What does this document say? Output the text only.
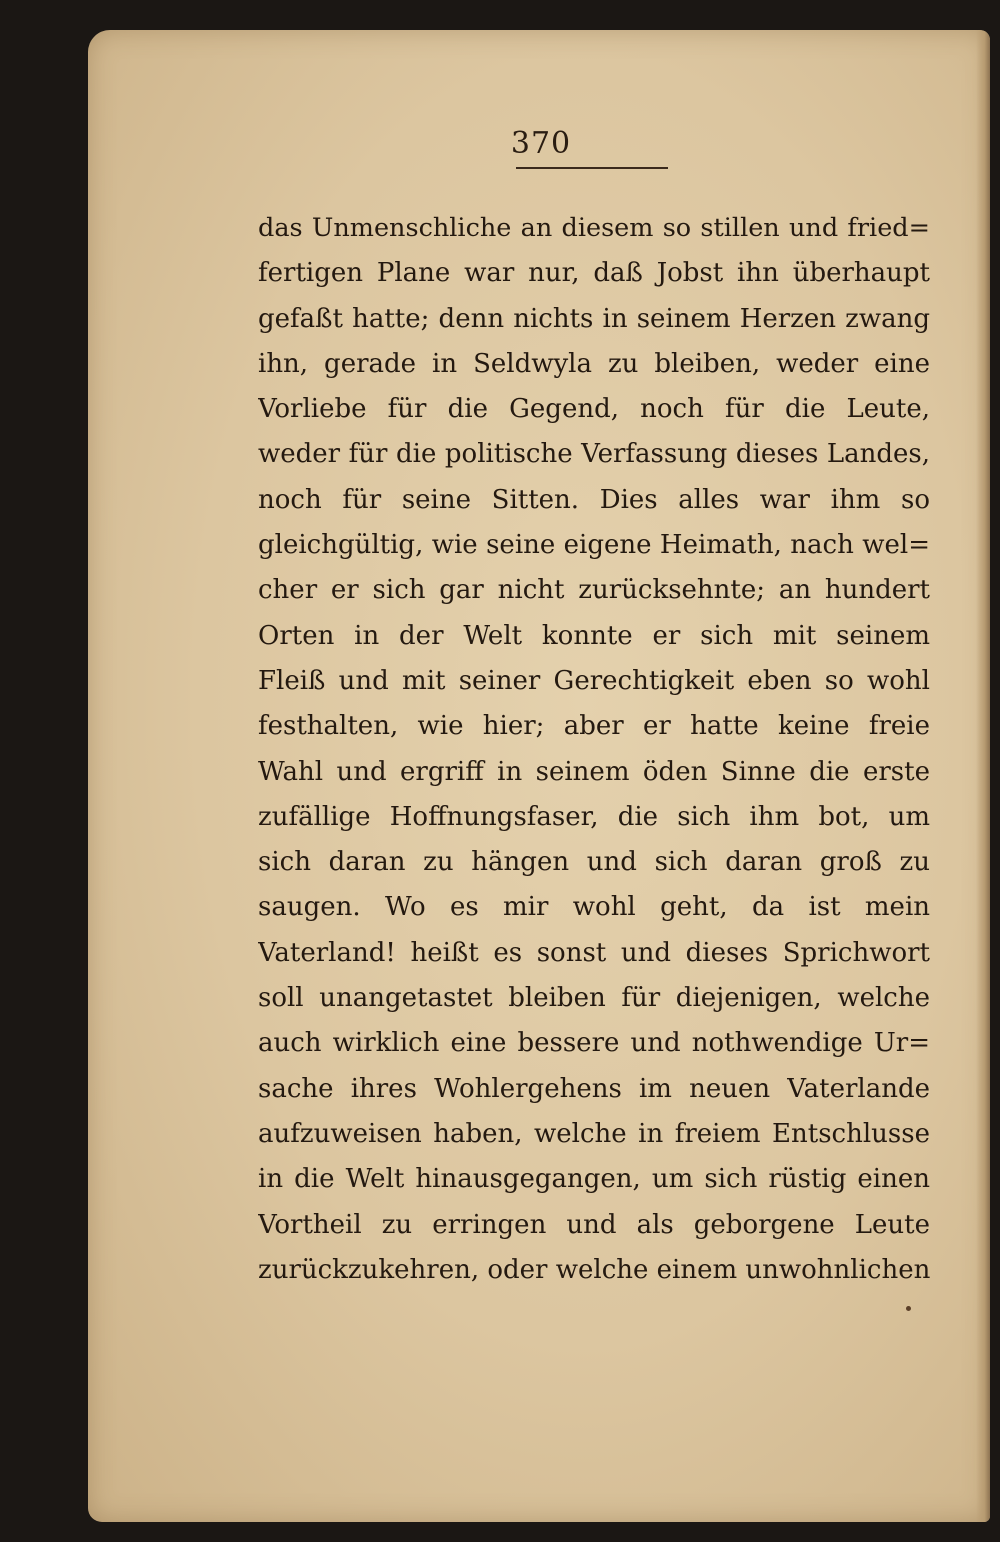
370
das Unmenschliche an diesem so stillen und fried=
fertigen Plane war nur, daß Jobst ihn überhaupt
gefaßt hatte; denn nichts in seinem Herzen zwang
ihn, gerade in Seldwyla zu bleiben, weder eine
Vorliebe für die Gegend, noch für die Leute,
weder für die politische Verfassung dieses Landes,
noch für seine Sitten. Dies alles war ihm so
gleichgültig, wie seine eigene Heimath, nach wel=
cher er sich gar nicht zurücksehnte; an hundert
Orten in der Welt konnte er sich mit seinem
Fleiß und mit seiner Gerechtigkeit eben so wohl
festhalten, wie hier; aber er hatte keine freie
Wahl und ergriff in seinem öden Sinne die erste
zufällige Hoffnungsfaser, die sich ihm bot, um
sich daran zu hängen und sich daran groß zu
saugen. Wo es mir wohl geht, da ist mein
Vaterland! heißt es sonst und dieses Sprichwort
soll unangetastet bleiben für diejenigen, welche
auch wirklich eine bessere und nothwendige Ur=
sache ihres Wohlergehens im neuen Vaterlande
aufzuweisen haben, welche in freiem Entschlusse
in die Welt hinausgegangen, um sich rüstig einen
Vortheil zu erringen und als geborgene Leute
zurückzukehren, oder welche einem unwohnlichen
